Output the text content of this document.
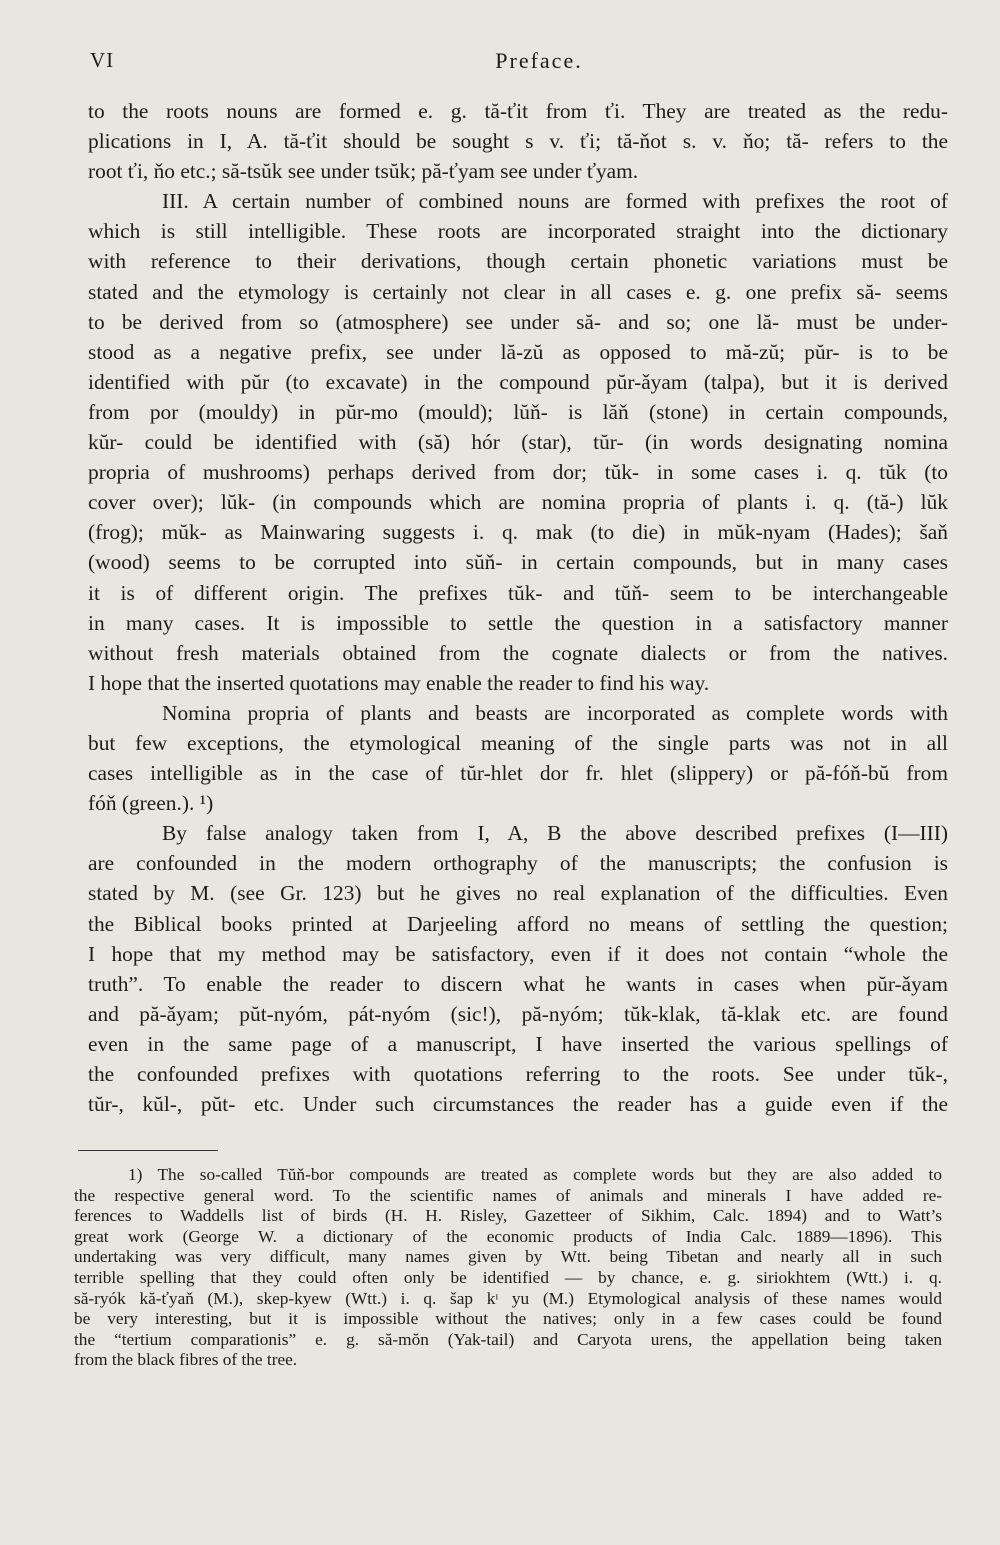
VI	Preface.
to the roots nouns are formed e. g. tă-ťit from ťi. They are treated as the redu-
plications in I, A. tă-ťit should be sought s v. ťi; tă-ňot s. v. ňo; tă- refers to the
root ťi, ňo etc.; să-tsŭk see under tsŭk; pă-ťyam see under ťyam.
III. A certain number of combined nouns are formed with prefixes the root of
which is still intelligible. These roots are incorporated straight into the dictionary
with reference to their derivations, though certain phonetic variations must be
stated and the etymology is certainly not clear in all cases e. g. one prefix să- seems
to be derived from so (atmosphere) see under să- and so; one lă- must be under-
stood as a negative prefix, see under lă-zŭ as opposed to mă-zŭ; pŭr- is to be
identified with pŭr (to excavate) in the compound pŭr-ǎyam (talpa), but it is derived
from por (mouldy) in pŭr-mo (mould); lŭň- is lăň (stone) in certain compounds,
kŭr- could be identified with (să) hór (star), tŭr- (in words designating nomina
propria of mushrooms) perhaps derived from dor; tŭk- in some cases i. q. tŭk (to
cover over); lŭk- (in compounds which are nomina propria of plants i. q. (tă-) lŭk
(frog); mŭk- as Mainwaring suggests i. q. mak (to die) in mŭk-nyam (Hades); šaň
(wood) seems to be corrupted into sŭň- in certain compounds, but in many cases
it is of different origin. The prefixes tŭk- and tŭň- seem to be interchangeable
in many cases. It is impossible to settle the question in a satisfactory manner
without fresh materials obtained from the cognate dialects or from the natives.
I hope that the inserted quotations may enable the reader to find his way.
Nomina propria of plants and beasts are incorporated as complete words with
but few exceptions, the etymological meaning of the single parts was not in all
cases intelligible as in the case of tŭr-hlet dor fr. hlet (slippery) or pă-fóň-bŭ from
fóň (green.). ¹)
By false analogy taken from I, A, B the above described prefixes (I—III)
are confounded in the modern orthography of the manuscripts; the confusion is
stated by M. (see Gr. 123) but he gives no real explanation of the difficulties. Even
the Biblical books printed at Darjeeling afford no means of settling the question;
I hope that my method may be satisfactory, even if it does not contain “whole the
truth”. To enable the reader to discern what he wants in cases when pŭr-ǎyam
and pă-ǎyam; pŭt-nyóm, pát-nyóm (sic!), pă-nyóm; tŭk-klak, tă-klak etc. are found
even in the same page of a manuscript, I have inserted the various spellings of
the confounded prefixes with quotations referring to the roots. See under tŭk-,
tŭr-, kŭl-, pŭt- etc. Under such circumstances the reader has a guide even if the
1) The so-called Tŭň-bor compounds are treated as complete words but they are also added to
the respective general word. To the scientific names of animals and minerals I have added re-
ferences to Waddells list of birds (H. H. Risley, Gazetteer of Sikhim, Calc. 1894) and to Watt’s
great work (George W. a dictionary of the economic products of India Calc. 1889—1896). This
undertaking was very difficult, many names given by Wtt. being Tibetan and nearly all in such
terrible spelling that they could often only be identified — by chance, e. g. siriokhtem (Wtt.) i. q.
să-ryók kă-ťyaň (M.), skep-kyew (Wtt.) i. q. šap kᶦ yu (M.) Etymological analysis of these names would
be very interesting, but it is impossible without the natives; only in a few cases could be found
the “tertium comparationis” e. g. să-mŏn (Yak-tail) and Caryota urens, the appellation being taken
from the black fibres of the tree.
